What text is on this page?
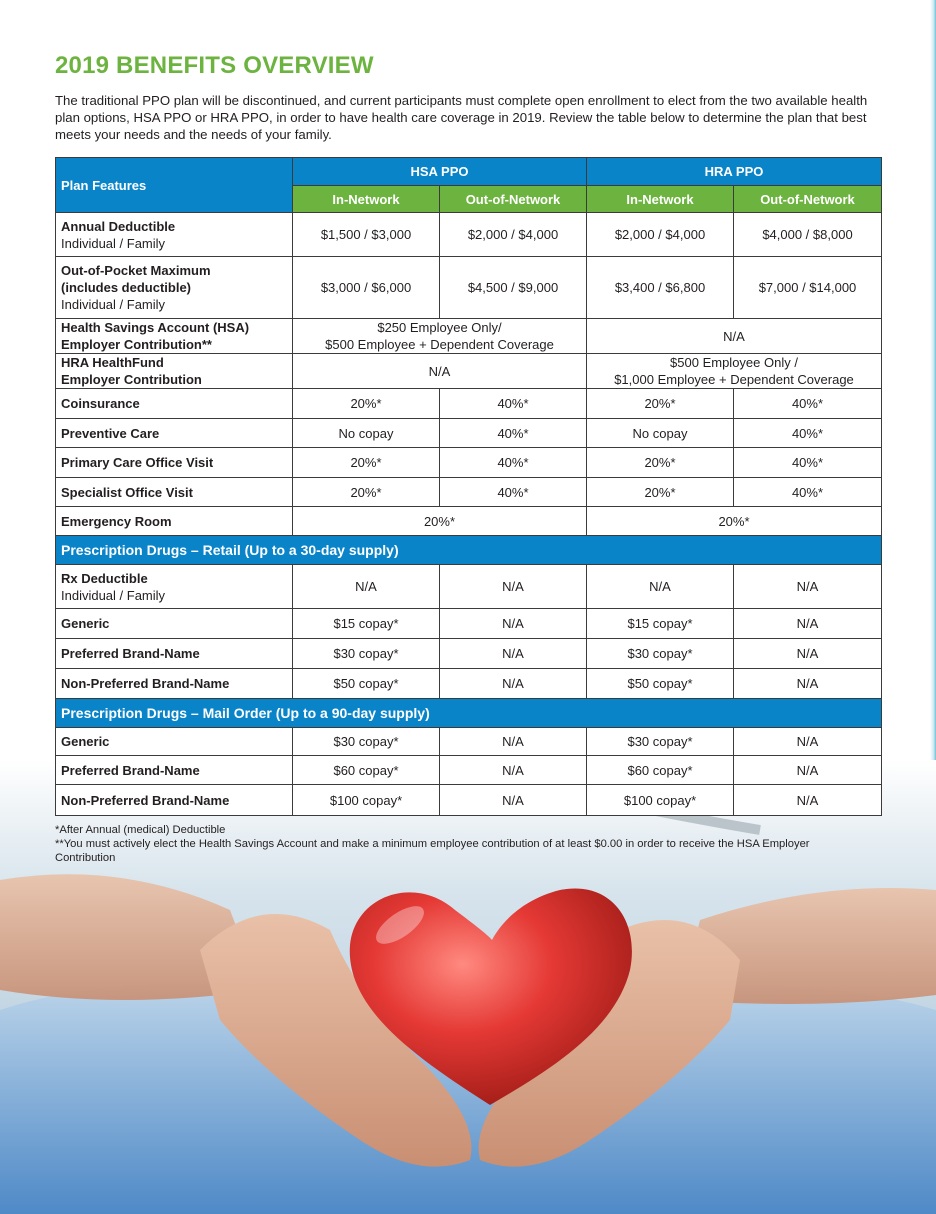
2019 BENEFITS OVERVIEW

The traditional PPO plan will be discontinued, and current participants must complete open enrollment to elect from the two available health plan options, HSA PPO or HRA PPO, in order to have health care coverage in 2019. Review the table below to determine the plan that best meets your needs and the needs of your family.

Plan Features	HSA PPO		HRA PPO	
	In-Network	Out-of-Network	In-Network	Out-of-Network

Annual Deductible
Individual / Family	$1,500 / $3,000	$2,000 / $4,000	$2,000 / $4,000	$4,000 / $8,000

Out-of-Pocket Maximum
(includes deductible)
Individual / Family	$3,000 / $6,000	$4,500 / $9,000	$3,400 / $6,800	$7,000 / $14,000

Health Savings Account (HSA)
Employer Contribution**	$250 Employee Only/
$500 Employee + Dependent Coverage		N/A	

HRA HealthFund
Employer Contribution	N/A		$500 Employee Only /
$1,000 Employee + Dependent Coverage	

Coinsurance	20%*	40%*	20%*	40%*

Preventive Care	No copay	40%*	No copay	40%*

Primary Care Office Visit	20%*	40%*	20%*	40%*

Specialist Office Visit	20%*	40%*	20%*	40%*

Emergency Room	20%*		20%*	
Prescription Drugs – Retail (Up to a 30-day supply)				

Rx Deductible
Individual / Family	N/A	N/A	N/A	N/A

Generic	$15 copay*	N/A	$15 copay*	N/A

Preferred Brand-Name	$30 copay*	N/A	$30 copay*	N/A

Non-Preferred Brand-Name	$50 copay*	N/A	$50 copay*	N/A
Prescription Drugs – Mail Order (Up to a 90-day supply)				

Generic	$30 copay*	N/A	$30 copay*	N/A

Preferred Brand-Name	$60 copay*	N/A	$60 copay*	N/A

Non-Preferred Brand-Name	$100 copay*	N/A	$100 copay*	N/A

*After Annual (medical) Deductible

**You must actively elect the Health Savings Account and make a minimum employee contribution of at least $0.00 in order to receive the HSA Employer Contribution
